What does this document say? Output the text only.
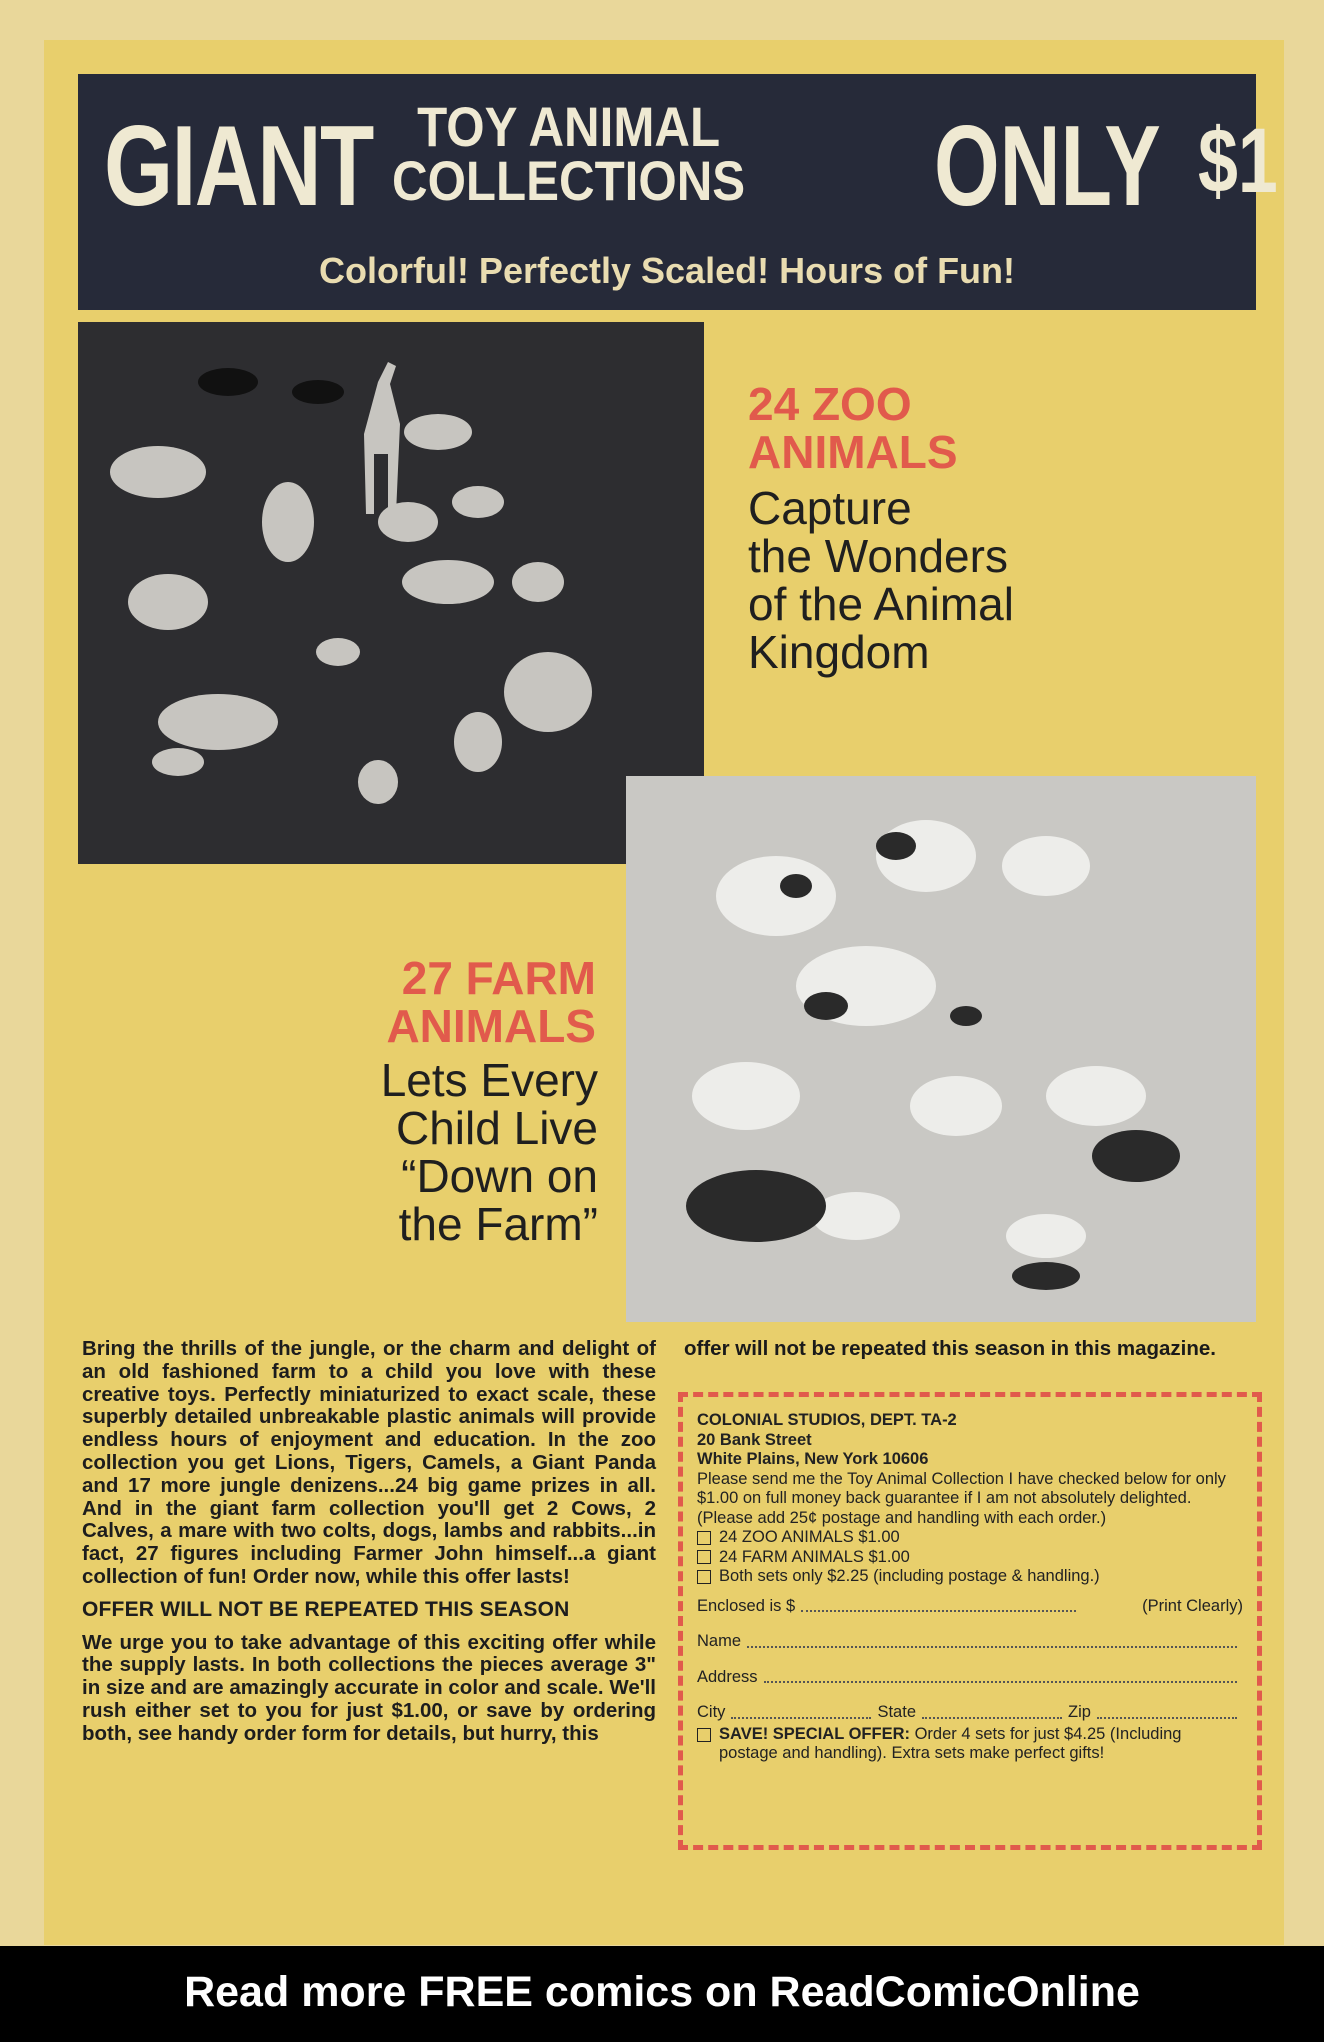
GIANT TOY ANIMAL
COLLECTIONS ONLY $1
Colorful! Perfectly Scaled! Hours of Fun!
24 ZOO
ANIMALS
Capture
the Wonders
of the Animal
Kingdom
27 FARM
ANIMALS
Lets Every
Child Live
“Down on
the Farm”

Bring the thrills of the jungle, or the charm and delight of an old fashioned farm to a child you love with these creative toys. Perfectly miniaturized to exact scale, these superbly detailed unbreakable plastic animals will provide endless hours of enjoyment and education. In the zoo collection you get Lions, Tigers, Camels, a Giant Panda and 17 more jungle denizens...24 big game prizes in all. And in the giant farm collection you'll get 2 Cows, 2 Calves, a mare with two colts, dogs, lambs and rabbits...in fact, 27 figures including Farmer John himself...a giant collection of fun! Order now, while this offer lasts!

OFFER WILL NOT BE REPEATED THIS SEASON

We urge you to take advantage of this exciting offer while the supply lasts. In both collections the pieces average 3" in size and are amazingly accurate in color and scale. We'll rush either set to you for just $1.00, or save by ordering both, see handy order form for details, but hurry, this

offer will not be repeated this season in this magazine.
COLONIAL STUDIOS, DEPT. TA-2
20 Bank Street
White Plains, New York 10606
Please send me the Toy Animal Collection I have checked below for only $1.00 on full money back guarantee if I am not absolutely delighted. (Please add 25¢ postage and handling with each order.)
24 ZOO ANIMALS $1.00
24 FARM ANIMALS $1.00
Both sets only $2.25 (including postage & handling.)
Enclosed is $	(Print Clearly)
Name
Address
City	State	Zip
SAVE! SPECIAL OFFER: Order 4 sets for just $4.25 (Including postage and handling). Extra sets make perfect gifts!
Read more FREE comics on ReadComicOnline
